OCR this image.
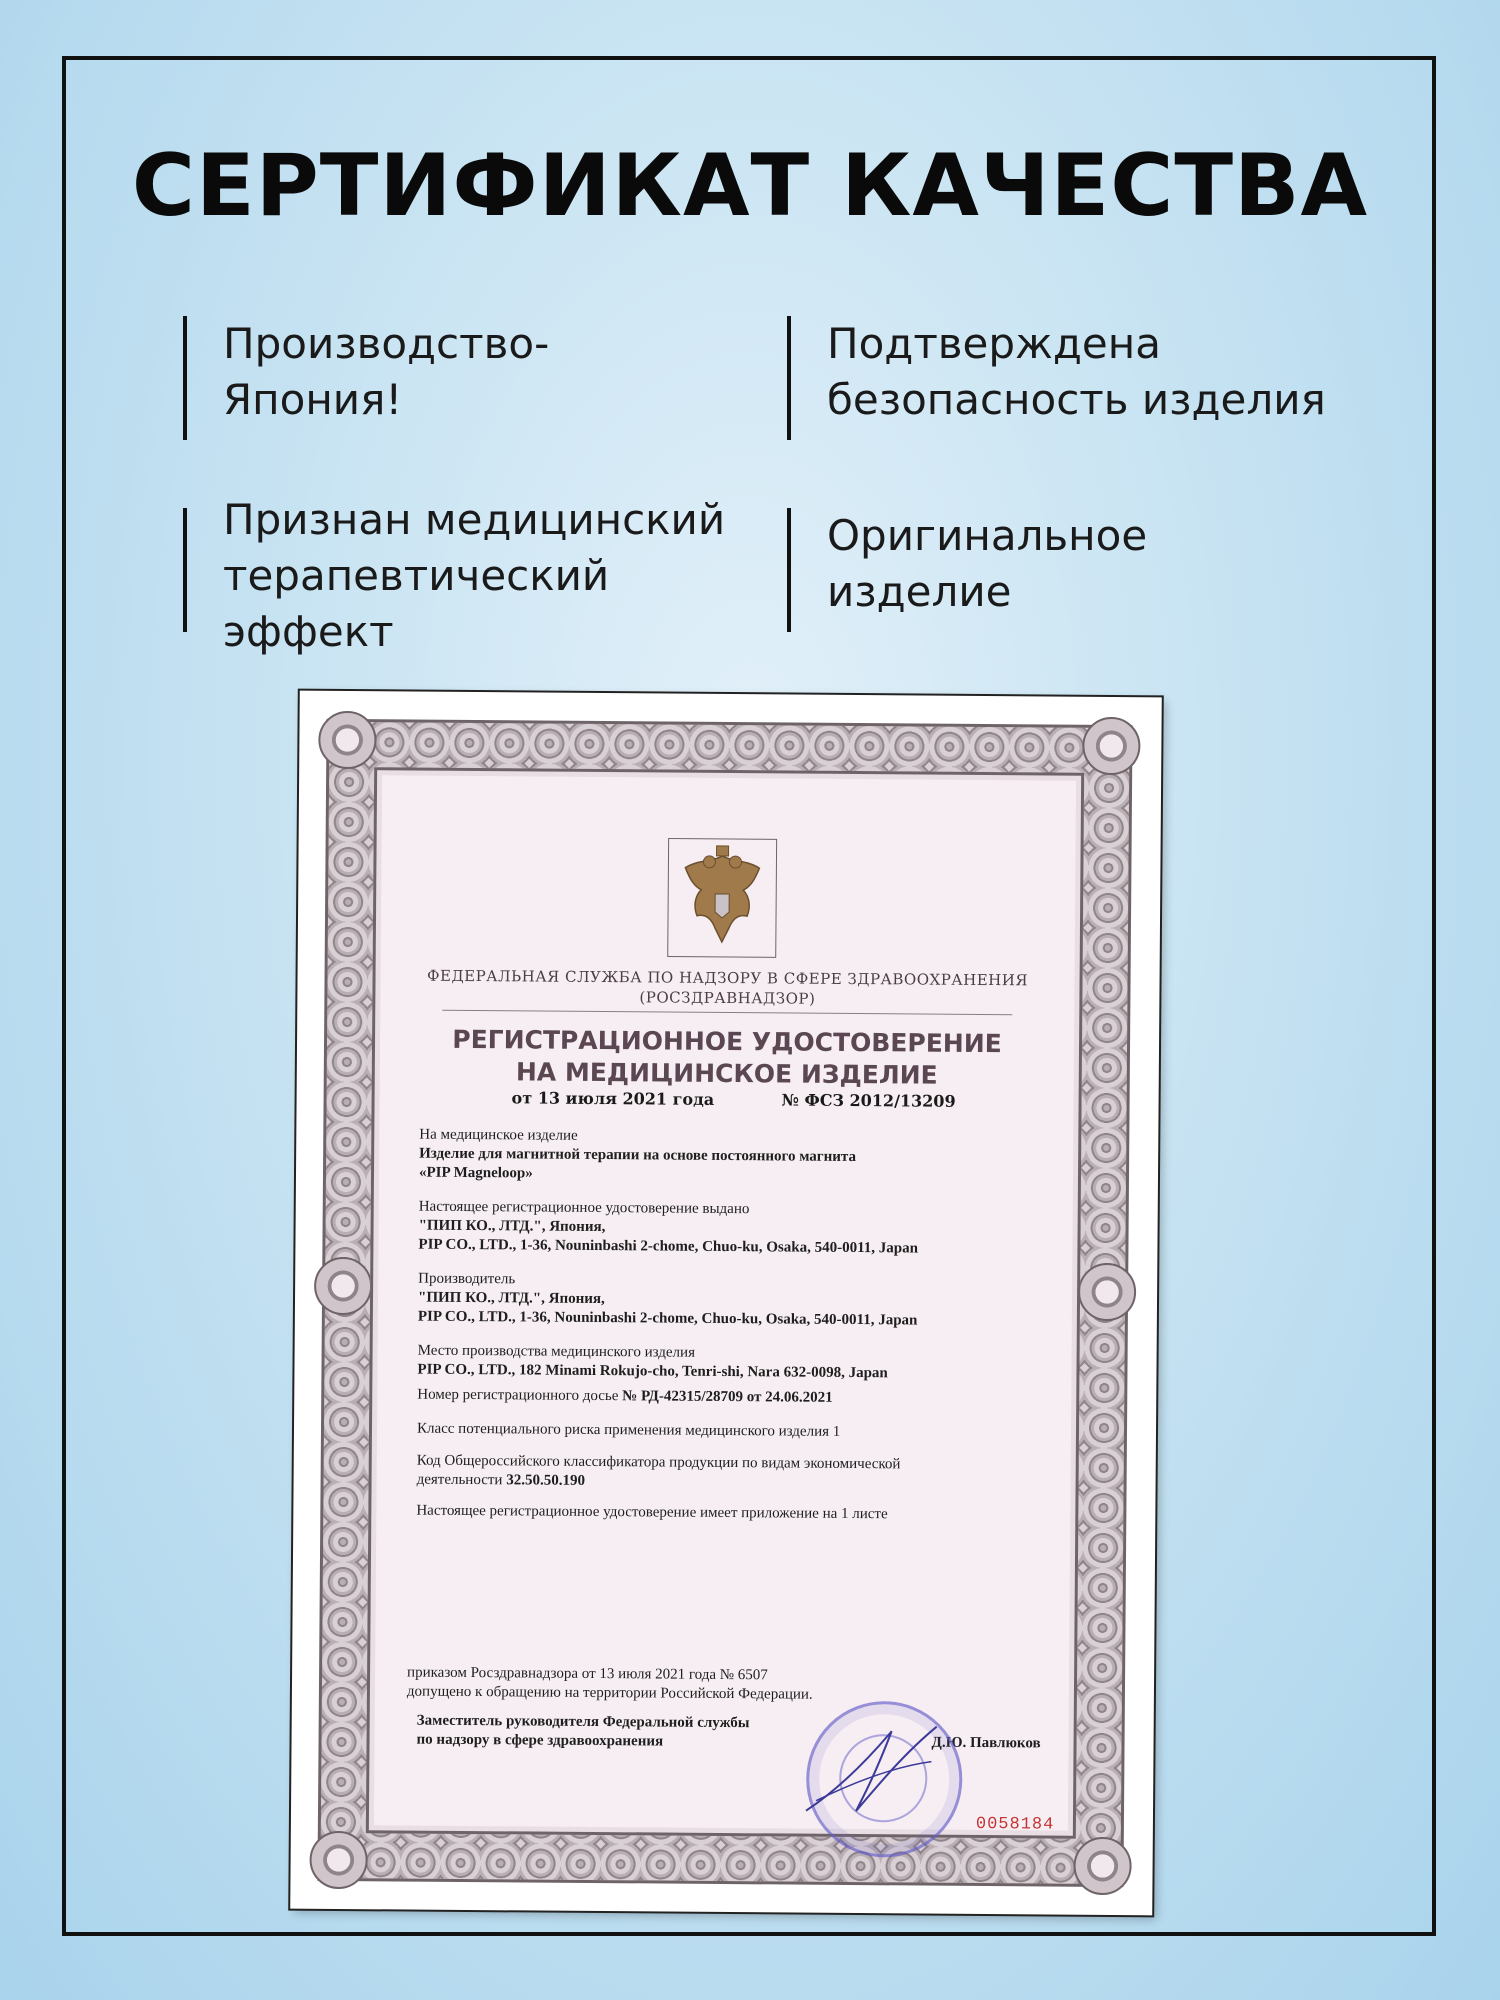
СЕРТИФИКАТ КАЧЕСТВА
Производство-
Япония!
Подтверждена
безопасность изделия
Признан медицинский
терапевтический
эффект
Оригинальное
изделие
ФЕДЕРАЛЬНАЯ СЛУЖБА ПО НАДЗОРУ В СФЕРЕ ЗДРАВООХРАНЕНИЯ
(РОСЗДРАВНАДЗОР)
РЕГИСТРАЦИОННОЕ УДОСТОВЕРЕНИЕ
НА МЕДИЦИНСКОЕ ИЗДЕЛИЕ
от 13 июля 2021 года	№ ФСЗ 2012/13209
На медицинское изделие
Изделие для магнитной терапии на основе постоянного магнита
«PIP Magneloop»
Настоящее регистрационное удостоверение выдано
"ПИП КО., ЛТД.", Япония,
PIP CO., LTD., 1-36, Nouninbashi 2-chome, Chuo-ku, Osaka, 540-0011, Japan
Производитель
"ПИП КО., ЛТД.", Япония,
PIP CO., LTD., 1-36, Nouninbashi 2-chome, Chuo-ku, Osaka, 540-0011, Japan
Место производства медицинского изделия
PIP CO., LTD., 182 Minami Rokujo-cho, Tenri-shi, Nara 632-0098, Japan
Номер регистрационного досье № РД-42315/28709 от 24.06.2021
Класс потенциального риска применения медицинского изделия 1
Код Общероссийского классификатора продукции по видам экономической
деятельности 32.50.50.190
Настоящее регистрационное удостоверение имеет приложение на 1 листе
приказом Росздравнадзора от 13 июля 2021 года № 6507
допущено к обращению на территории Российской Федерации.
Заместитель руководителя Федеральной службы
по надзору в сфере здравоохранения	Д.Ю. Павлюков
0058184
